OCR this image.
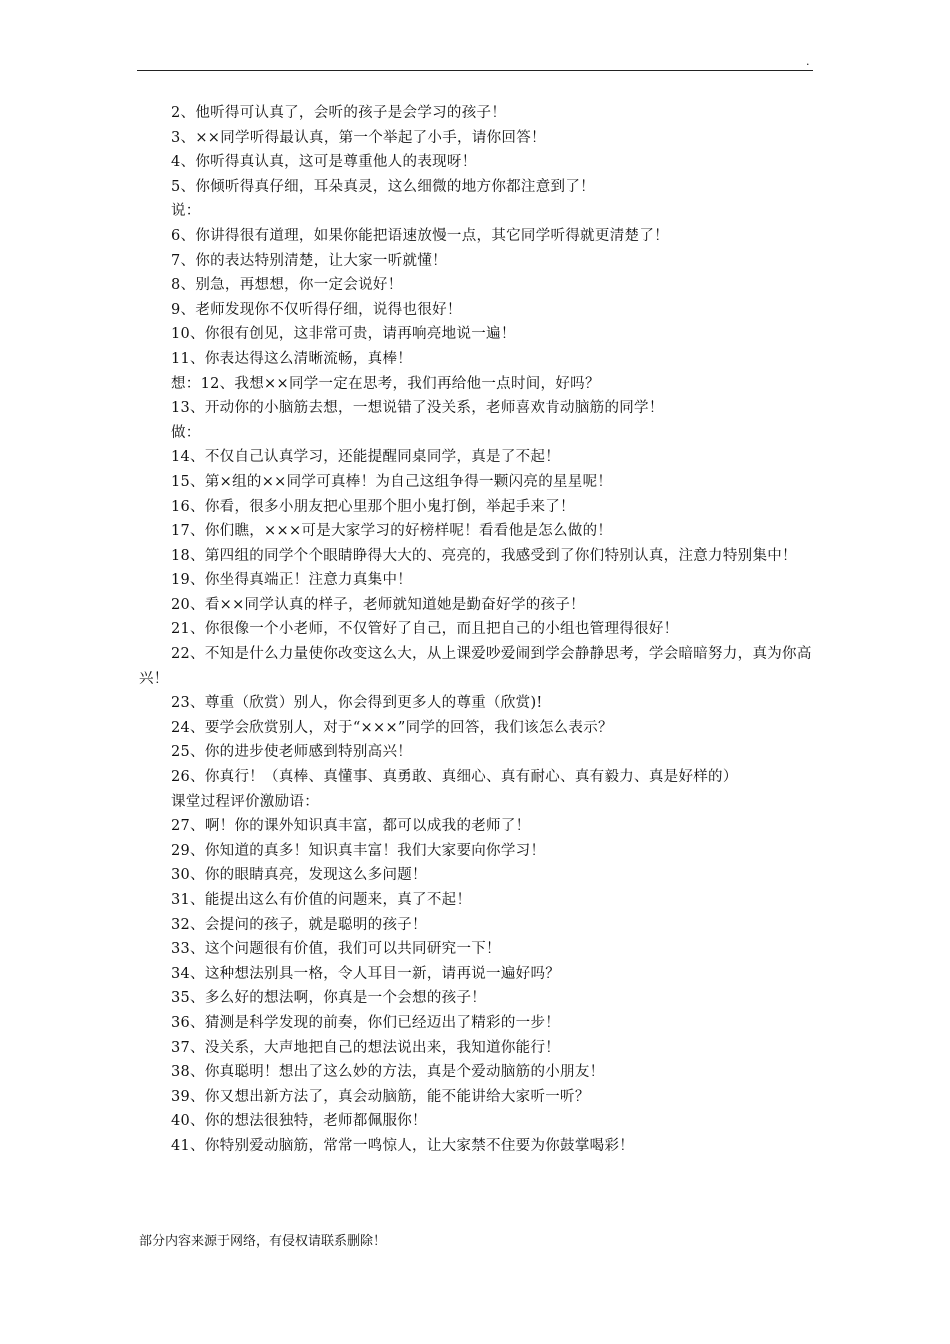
.

2、他听得可认真了，会听的孩子是会学习的孩子！

3、××同学听得最认真，第一个举起了小手，请你回答！

4、你听得真认真，这可是尊重他人的表现呀！

5、你倾听得真仔细，耳朵真灵，这么细微的地方你都注意到了！

说：

6、你讲得很有道理，如果你能把语速放慢一点，其它同学听得就更清楚了！

7、你的表达特别清楚，让大家一听就懂！

8、别急，再想想，你一定会说好！

9、老师发现你不仅听得仔细，说得也很好！

10、你很有创见，这非常可贵，请再响亮地说一遍！

11、你表达得这么清晰流畅，真棒！

想：12、我想××同学一定在思考，我们再给他一点时间，好吗？

13、开动你的小脑筋去想，一想说错了没关系，老师喜欢肯动脑筋的同学！

做：

14、不仅自己认真学习，还能提醒同桌同学，真是了不起！

15、第×组的××同学可真棒！为自己这组争得一颗闪亮的星星呢！

16、你看，很多小朋友把心里那个胆小鬼打倒，举起手来了！

17、你们瞧，×××可是大家学习的好榜样呢！看看他是怎么做的！

18、第四组的同学个个眼睛睁得大大的、亮亮的，我感受到了你们特别认真，注意力特别集中！

19、你坐得真端正！注意力真集中！

20、看××同学认真的样子，老师就知道她是勤奋好学的孩子！

21、你很像一个小老师，不仅管好了自己，而且把自己的小组也管理得很好！

22、不知是什么力量使你改变这么大，从上课爱吵爱闹到学会静静思考，学会暗暗努力，真为你高兴！

23、尊重（欣赏）别人，你会得到更多人的尊重（欣赏)!

24、要学会欣赏别人，对于“×××”同学的回答，我们该怎么表示？

25、你的进步使老师感到特别高兴！

26、你真行！（真棒、真懂事、真勇敢、真细心、真有耐心、真有毅力、真是好样的）

课堂过程评价激励语：

27、啊！你的课外知识真丰富，都可以成我的老师了！

29、你知道的真多！知识真丰富！我们大家要向你学习！

30、你的眼睛真亮，发现这么多问题！

31、能提出这么有价值的问题来，真了不起！

32、会提问的孩子，就是聪明的孩子！

33、这个问题很有价值，我们可以共同研究一下！

34、这种想法别具一格，令人耳目一新，请再说一遍好吗？

35、多么好的想法啊，你真是一个会想的孩子！

36、猜测是科学发现的前奏，你们已经迈出了精彩的一步！

37、没关系，大声地把自己的想法说出来，我知道你能行！

38、你真聪明！想出了这么妙的方法，真是个爱动脑筋的小朋友！

39、你又想出新方法了，真会动脑筋，能不能讲给大家听一听？

40、你的想法很独特，老师都佩服你！

41、你特别爱动脑筋，常常一鸣惊人，让大家禁不住要为你鼓掌喝彩！

部分内容来源于网络，有侵权请联系删除！
